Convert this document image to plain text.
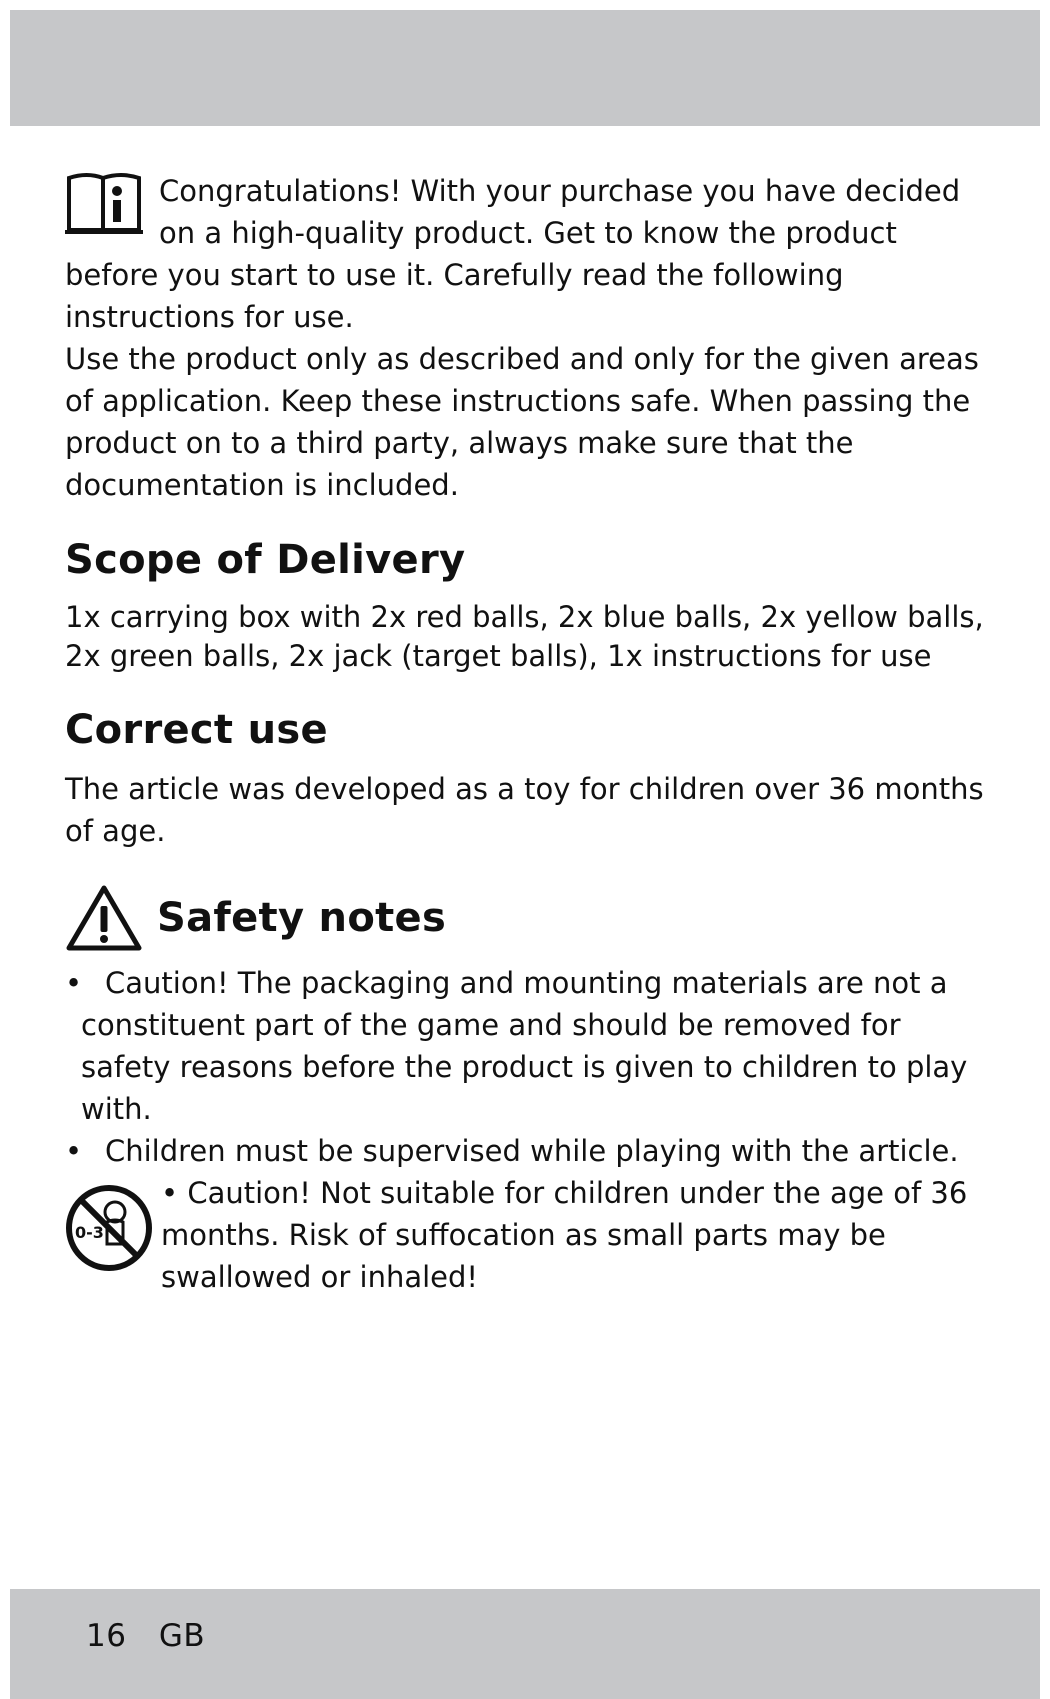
Congratulations! With your purchase you have decided on a high-quality product. Get to know the product before you start to use it. Carefully read the following instructions for use.

Use the product only as described and only for the given areas of application. Keep these instructions safe. When passing the product on to a third party, always make sure that the documentation is included.

Scope of Delivery

1x carrying box with 2x red balls, 2x blue balls, 2x yellow balls,
2x green balls, 2x jack (target balls), 1x instructions for use

Correct use

The article was developed as a toy for children over 36 months of age.

Safety notes
• Caution! The packaging and mounting materials are not a constituent part of the game and should be removed for safety reasons before the product is given to children to play with.
• Children must be supervised while playing with the article.
0-3

• Caution! Not suitable for children under the age of 36 months. Risk of suffocation as small parts may be swallowed or inhaled!

16 GB
